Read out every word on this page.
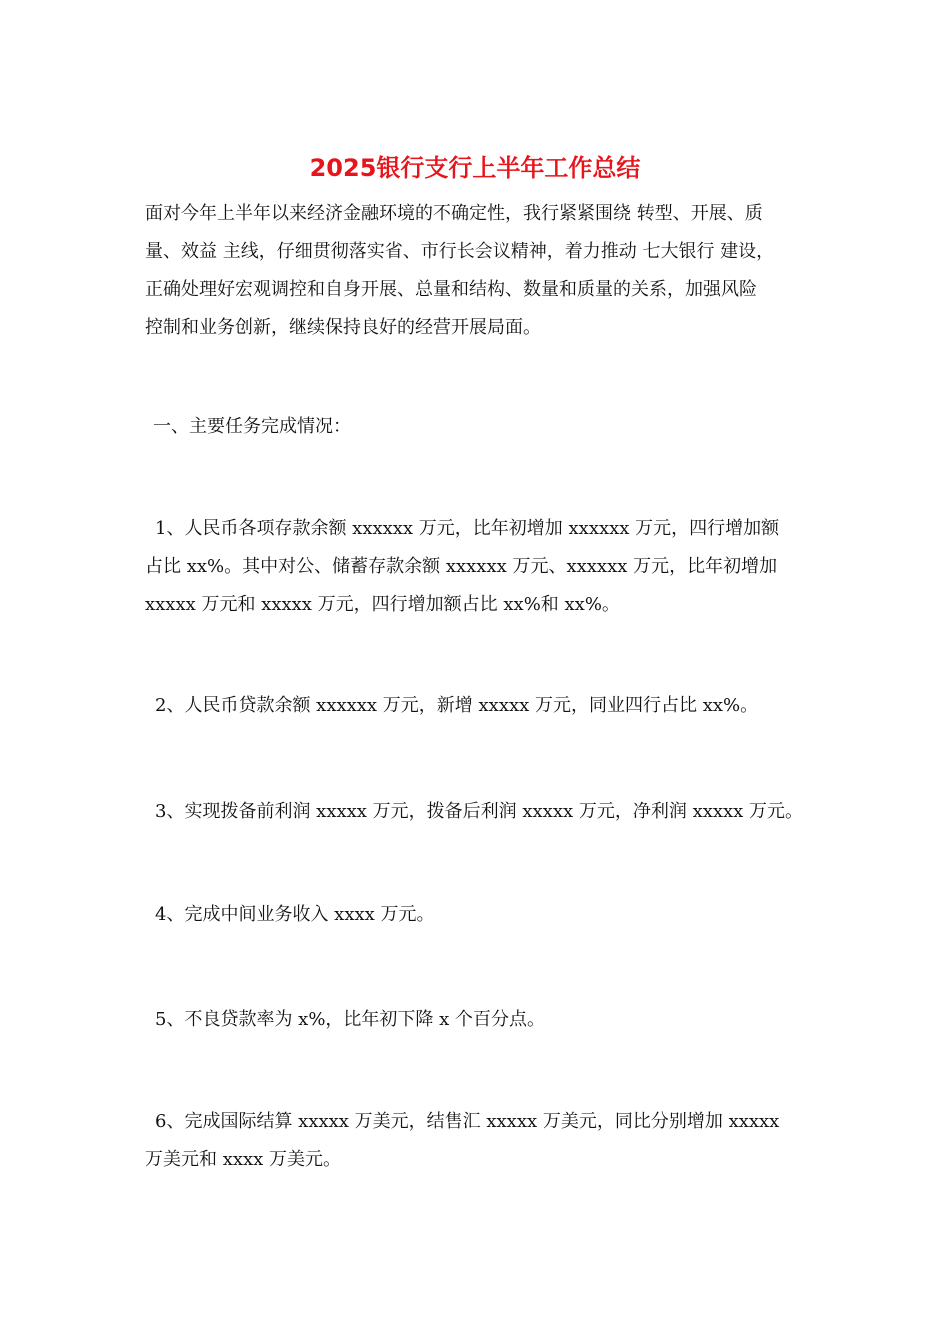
2025银行支行上半年工作总结
面对今年上半年以来经济金融环境的不确定性，我行紧紧围绕 转型、开展、质
量、效益 主线，仔细贯彻落实省、市行长会议精神，着力推动 七大银行 建设，
正确处理好宏观调控和自身开展、总量和结构、数量和质量的关系，加强风险
控制和业务创新，继续保持良好的经营开展局面。
一、主要任务完成情况：
1、人民币各项存款余额 xxxxxx 万元，比年初增加 xxxxxx 万元，四行增加额
占比 xx%。其中对公、储蓄存款余额 xxxxxx 万元、xxxxxx 万元，比年初增加
xxxxx 万元和 xxxxx 万元，四行增加额占比 xx%和 xx%。
2、人民币贷款余额 xxxxxx 万元，新增 xxxxx 万元，同业四行占比 xx%。
3、实现拨备前利润 xxxxx 万元，拨备后利润 xxxxx 万元，净利润 xxxxx 万元。
4、完成中间业务收入 xxxx 万元。
5、不良贷款率为 x%，比年初下降 x 个百分点。
6、完成国际结算 xxxxx 万美元，结售汇 xxxxx 万美元，同比分别增加 xxxxx
万美元和 xxxx 万美元。
